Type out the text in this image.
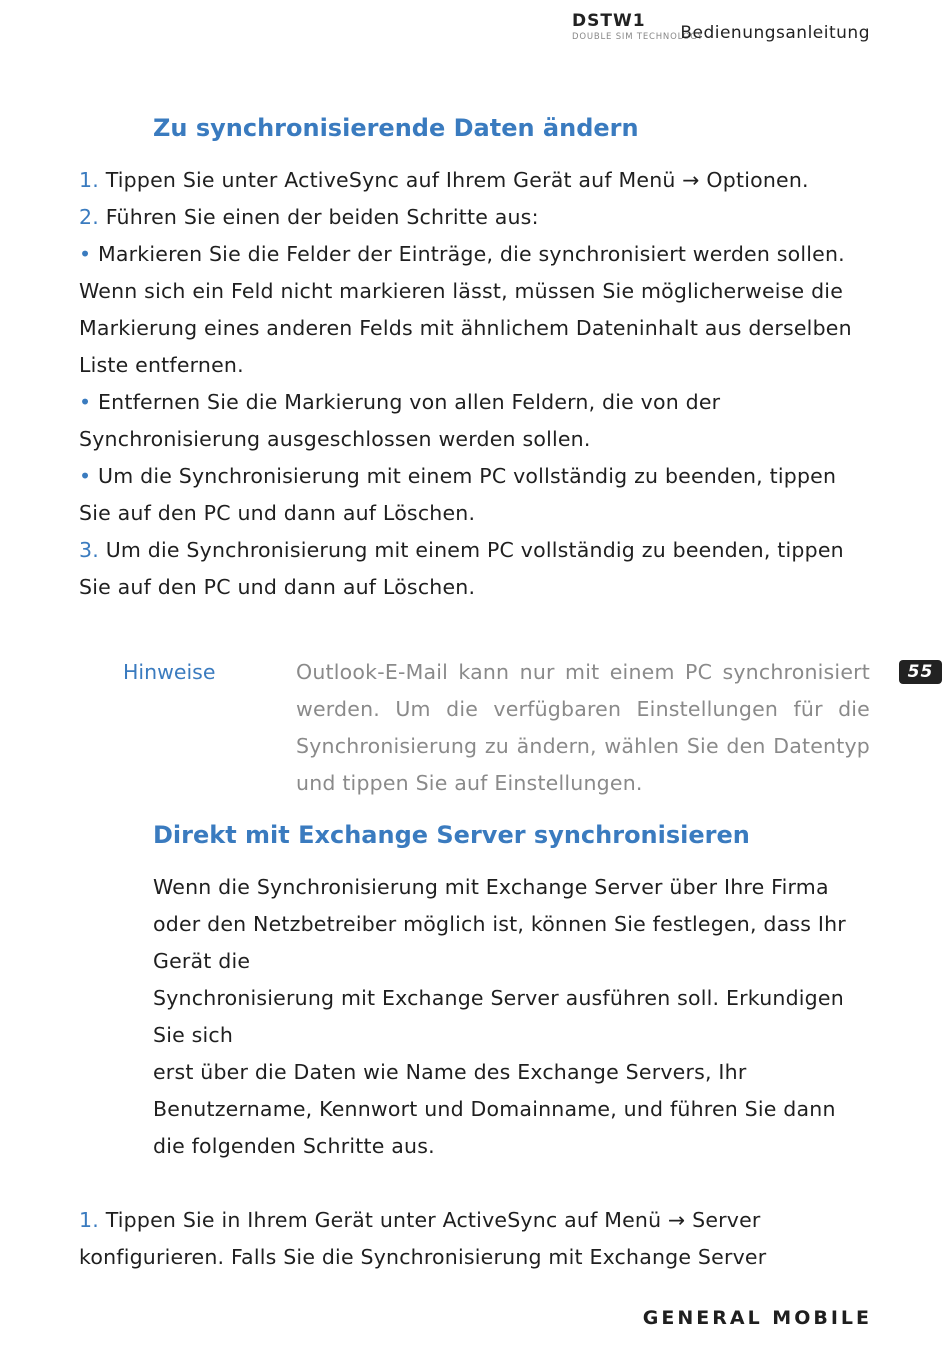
DSTW1
DOUBLE SIM TECHNOLOGY
Bedienungsanleitung
Zu synchronisierende Daten ändern

1. Tippen Sie unter ActiveSync auf Ihrem Gerät auf Menü → Optionen.

2. Führen Sie einen der beiden Schritte aus:

• Markieren Sie die Felder der Einträge, die synchronisiert werden sollen. Wenn sich ein Feld nicht markieren lässt, müssen Sie möglicherweise die Markierung eines anderen Felds mit ähnlichem Dateninhalt aus derselben Liste entfernen.

• Entfernen Sie die Markierung von allen Feldern, die von der Synchronisierung ausgeschlossen werden sollen.

• Um die Synchronisierung mit einem PC vollständig zu beenden, tippen Sie auf den PC und dann auf Löschen.

3. Um die Synchronisierung mit einem PC vollständig zu beenden, tippen Sie auf den PC und dann auf Löschen.

Hinweise	Outlook-E-Mail kann nur mit einem PC synchronisiert werden. Um die verfügbaren Einstellungen für die Synchronisierung zu ändern, wählen Sie den Datentyp und tippen Sie auf Einstellungen.
55
Direkt mit Exchange Server synchronisieren

Wenn die Synchronisierung mit Exchange Server über Ihre Firma oder den Netzbetreiber möglich ist, können Sie festlegen, dass Ihr Gerät die

Synchronisierung mit Exchange Server ausführen soll. Erkundigen Sie sich

erst über die Daten wie Name des Exchange Servers, Ihr Benutzername, Kennwort und Domainname, und führen Sie dann die folgenden Schritte aus.

1. Tippen Sie in Ihrem Gerät unter ActiveSync auf Menü → Server konfigurieren. Falls Sie die Synchronisierung mit Exchange Server

GENERAL MOBILE
